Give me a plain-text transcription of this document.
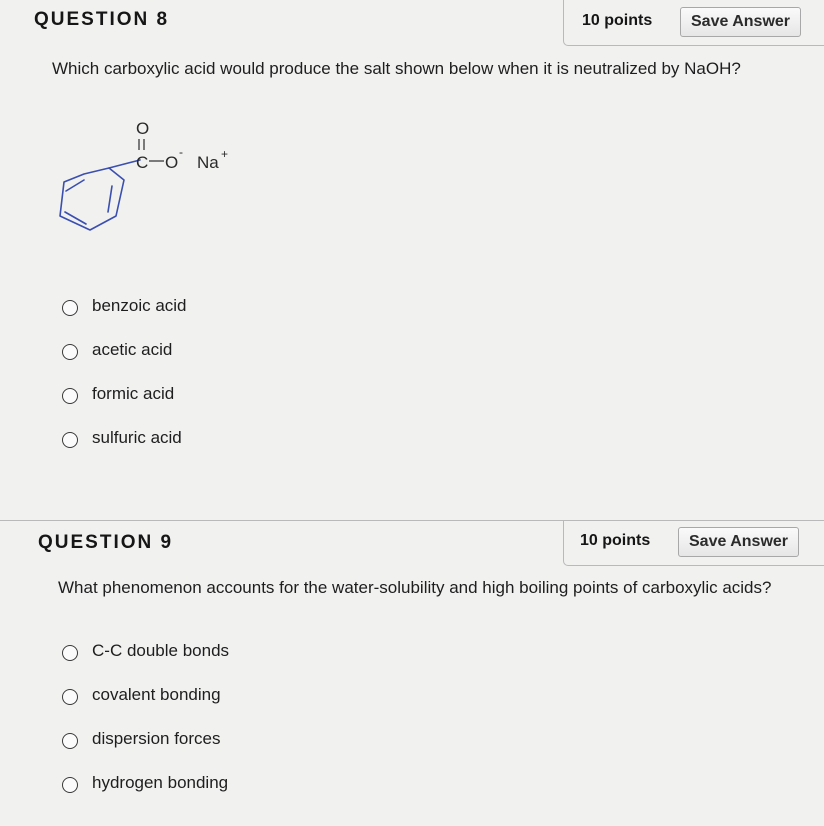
QUESTION 8	10 points	Save Answer
Which carboxylic acid would produce the salt shown below when it is neutralized by NaOH?
O
C O
-
Na +
benzoic acid
acetic acid
formic acid
sulfuric acid
QUESTION 9	10 points	Save Answer
What phenomenon accounts for the water-solubility and high boiling points of carboxylic acids?
C-C double bonds
covalent bonding
dispersion forces
hydrogen bonding
